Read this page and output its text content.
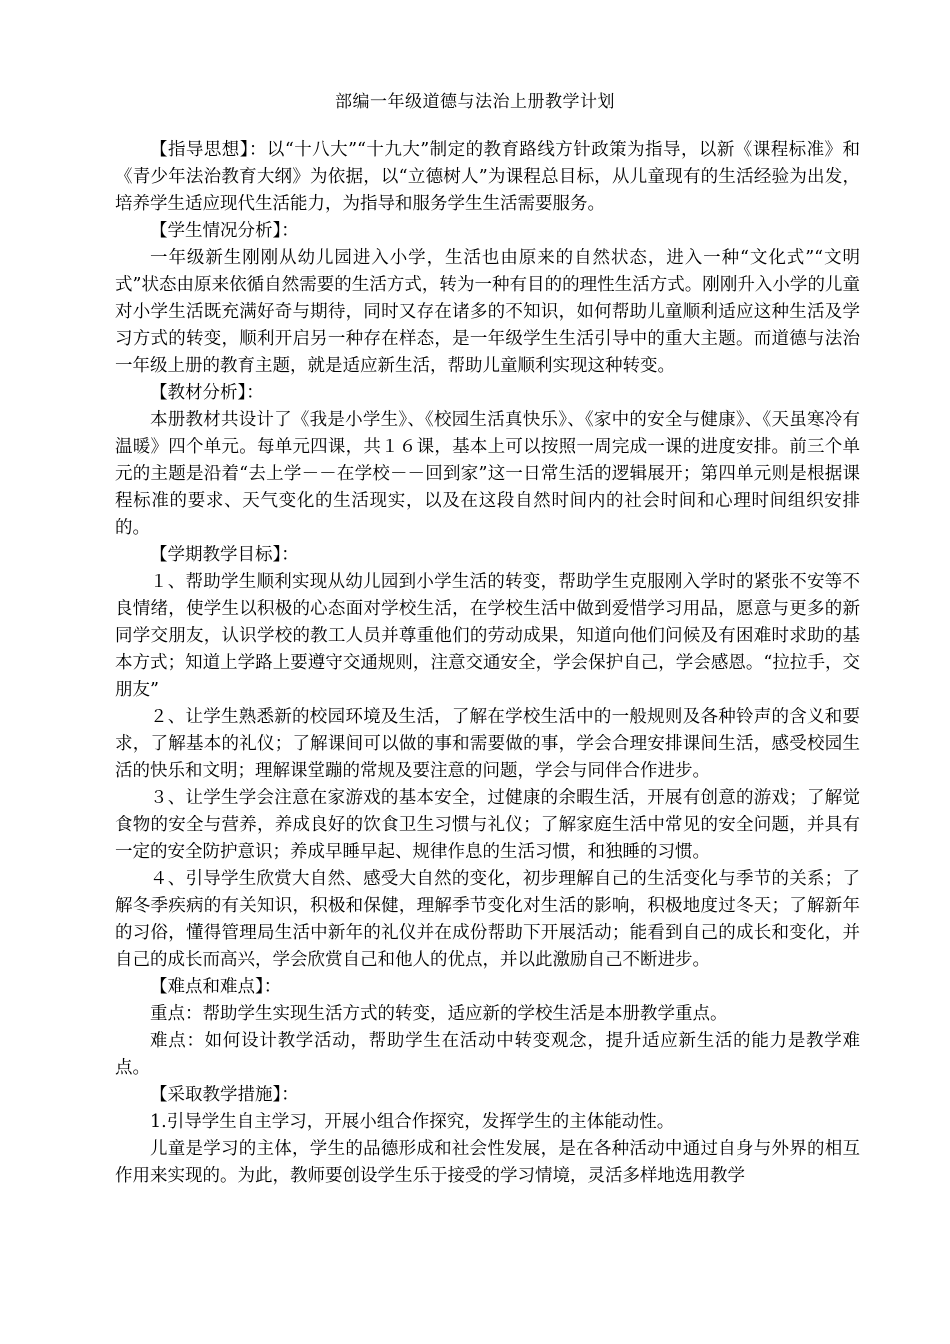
部编一年级道德与法治上册教学计划

【指导思想】：以“十八大”“十九大”制定的教育路线方针政策为指导，以新《课程标准》和《青少年法治教育大纲》为依据，以“立德树人”为课程总目标，从儿童现有的生活经验为出发，培养学生适应现代生活能力，为指导和服务学生生活需要服务。

【学生情况分析】：

一年级新生刚刚从幼儿园进入小学，生活也由原来的自然状态，进入一种“文化式”“文明式”状态由原来依循自然需要的生活方式，转为一种有目的的理性生活方式。刚刚升入小学的儿童对小学生活既充满好奇与期待，同时又存在诸多的不知识，如何帮助儿童顺利适应这种生活及学习方式的转变，顺利开启另一种存在样态，是一年级学生生活引导中的重大主题。而道德与法治一年级上册的教育主题，就是适应新生活，帮助儿童顺利实现这种转变。

【教材分析】：

本册教材共设计了《我是小学生》、《校园生活真快乐》、《家中的安全与健康》、《天虽寒冷有温暖》四个单元。每单元四课，共１６课，基本上可以按照一周完成一课的进度安排。前三个单元的主题是沿着“去上学－－在学校－－回到家”这一日常生活的逻辑展开；第四单元则是根据课程标准的要求、天气变化的生活现实，以及在这段自然时间内的社会时间和心理时间组织安排的。

【学期教学目标】：

１、帮助学生顺利实现从幼儿园到小学生活的转变，帮助学生克服刚入学时的紧张不安等不良情绪，使学生以积极的心态面对学校生活，在学校生活中做到爱惜学习用品，愿意与更多的新同学交朋友，认识学校的教工人员并尊重他们的劳动成果，知道向他们问候及有困难时求助的基本方式；知道上学路上要遵守交通规则，注意交通安全，学会保护自己，学会感恩。“拉拉手，交朋友”

２、让学生熟悉新的校园环境及生活，了解在学校生活中的一般规则及各种铃声的含义和要求，了解基本的礼仪；了解课间可以做的事和需要做的事，学会合理安排课间生活，感受校园生活的快乐和文明；理解课堂蹦的常规及要注意的问题，学会与同伴合作进步。

３、让学生学会注意在家游戏的基本安全，过健康的余暇生活，开展有创意的游戏；了解觉食物的安全与营养，养成良好的饮食卫生习惯与礼仪；了解家庭生活中常见的安全问题，并具有一定的安全防护意识；养成早睡早起、规律作息的生活习惯，和独睡的习惯。

４、引导学生欣赏大自然、感受大自然的变化，初步理解自己的生活变化与季节的关系；了解冬季疾病的有关知识，积极和保健，理解季节变化对生活的影响，积极地度过冬天；了解新年的习俗，懂得管理局生活中新年的礼仪并在成份帮助下开展活动；能看到自己的成长和变化，并自己的成长而高兴，学会欣赏自己和他人的优点，并以此激励自己不断进步。

【难点和难点】：

重点：帮助学生实现生活方式的转变，适应新的学校生活是本册教学重点。

难点：如何设计教学活动，帮助学生在活动中转变观念，提升适应新生活的能力是教学难点。

【采取教学措施】：

1.引导学生自主学习，开展小组合作探究，发挥学生的主体能动性。

儿童是学习的主体，学生的品德形成和社会性发展，是在各种活动中通过自身与外界的相互作用来实现的。为此，教师要创设学生乐于接受的学习情境，灵活多样地选用教学
